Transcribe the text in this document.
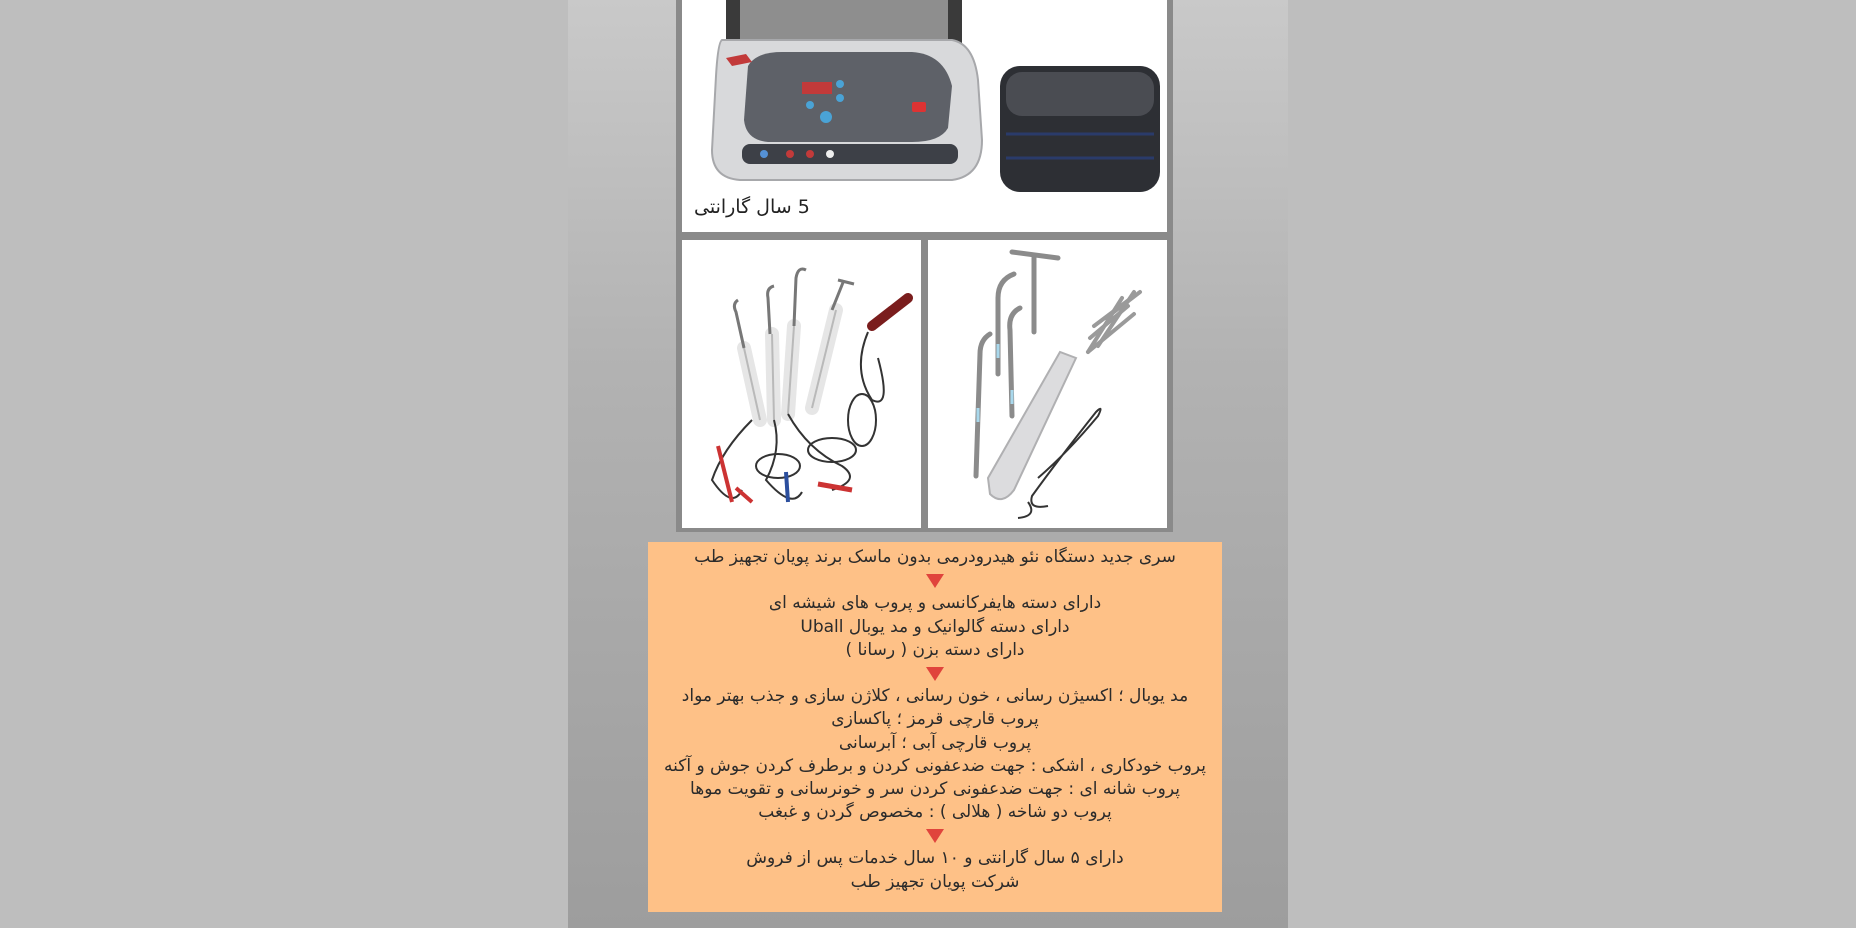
5 سال گارانتی
سری جدید دستگاه نئو هیدرودرمی بدون ماسک برند پویان تجهیز طب
دارای دسته هایفرکانسی و پروب های شیشه ای
دارای دسته گالوانیک و مد یوبال Uball
دارای دسته بزن ( رسانا )
مد یوبال ؛ اکسیژن رسانی ، خون رسانی ، کلاژن سازی و جذب بهتر مواد
پروب قارچی قرمز ؛ پاکسازی
پروب قارچی آبی ؛ آبرسانی
پروب خودکاری ، اشکی : جهت ضدعفونی کردن و برطرف کردن جوش و آکنه
پروب شانه ای : جهت ضدعفونی کردن سر و خونرسانی و تقویت موها
پروب دو شاخه ( هلالی ) : مخصوص گردن و غبغب
دارای ۵ سال گارانتی و ۱۰ سال خدمات پس از فروش
شرکت پویان تجهیز طب
